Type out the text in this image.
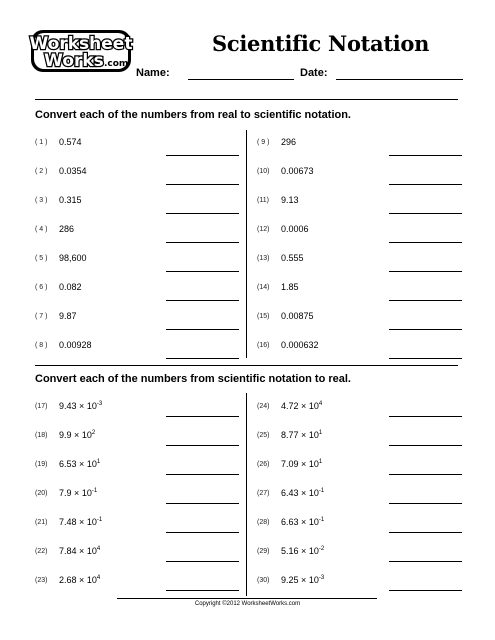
Worksheet
Works .com
Scientific Notation
Name:	Date:
Convert each of the numbers from real to scientific notation.
( 1 ) 0.574
( 2 ) 0.0354
( 3 ) 0.315
( 4 ) 286
( 5 ) 98,600
( 6 ) 0.082
( 7 ) 9.87
( 8 ) 0.00928
( 9 ) 296
(10) 0.00673
(11) 9.13
(12) 0.0006
(13) 0.555
(14) 1.85
(15) 0.00875
(16) 0.000632
Convert each of the numbers from scientific notation to real.
(17) $9.43 \times 10^{-3}$
(18) $9.9 \times 10^2$
(19) $6.53 \times 10^1$
(20) $7.9 \times 10^{-1}$
(21) $7.48 \times 10^{-1}$
(22) $7.84 \times 10^4$
(23) $2.68 \times 10^4$
(24) $4.72 \times 10^4$
(25) $8.77 \times 10^1$
(26) $7.09 \times 10^1$
(27) $6.43 \times 10^{-1}$
(28) $6.63 \times 10^{-1}$
(29) $5.16 \times 10^{-2}$
(30) $9.25 \times 10^{-3}$
Copyright ©2012 WorksheetWorks.com
